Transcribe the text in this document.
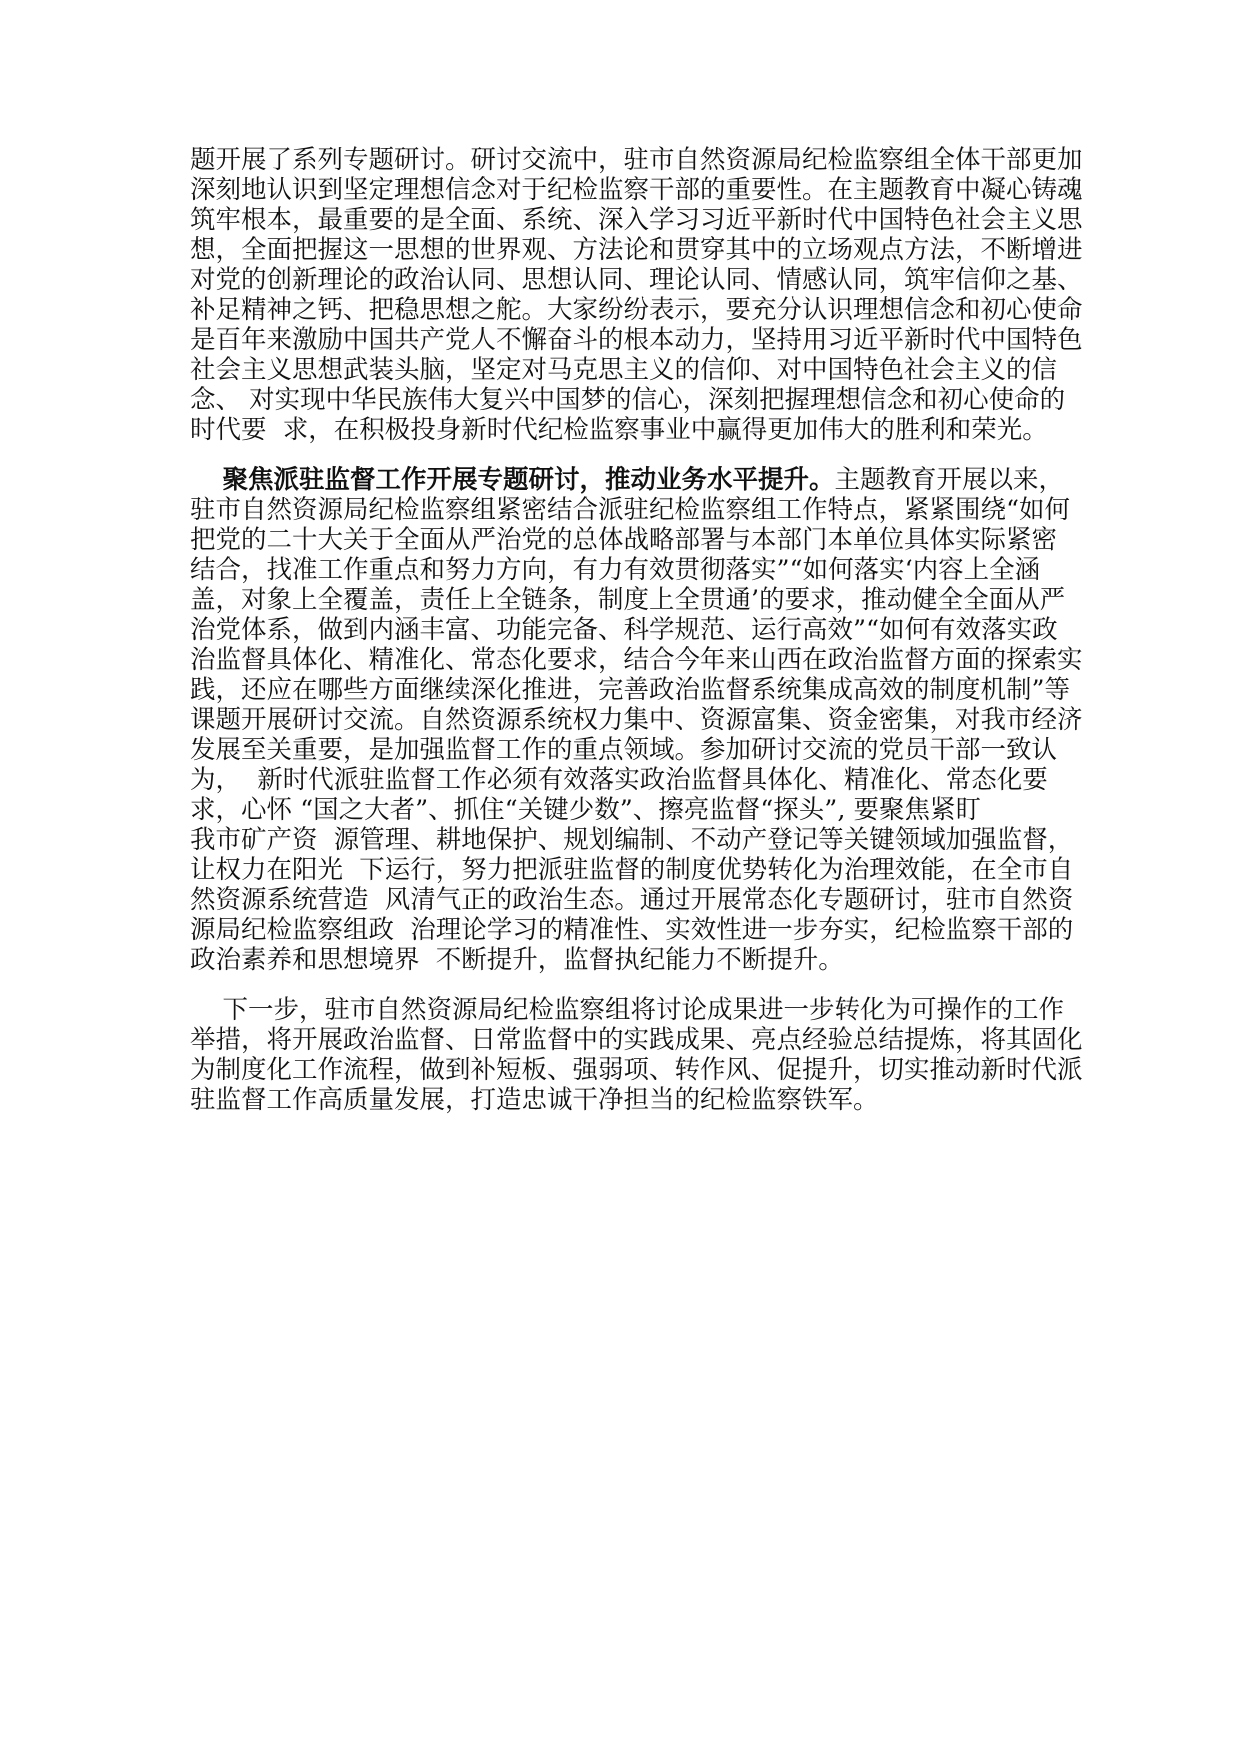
题开展了系列专题研讨。研讨交流中，驻市自然资源局纪检监察组全体干部更加
深刻地认识到坚定理想信念对于纪检监察干部的重要性。在主题教育中凝心铸魂
筑牢根本，最重要的是全面、系统、深入学习习近平新时代中国特色社会主义思
想，全面把握这一思想的世界观、方法论和贯穿其中的立场观点方法，不断增进
对党的创新理论的政治认同、思想认同、理论认同、情感认同，筑牢信仰之基、
补足精神之钙、把稳思想之舵。大家纷纷表示，要充分认识理想信念和初心使命
是百年来激励中国共产党人不懈奋斗的根本动力，坚持用习近平新时代中国特色
社会主义思想武装头脑，坚定对马克思主义的信仰、对中国特色社会主义的信
念、 对实现中华民族伟大复兴中国梦的信心，深刻把握理想信念和初心使命的
时代要  求，在积极投身新时代纪检监察事业中赢得更加伟大的胜利和荣光。

聚焦派驻监督工作开展专题研讨，推动业务水平提升。主题教育开展以来，
驻市自然资源局纪检监察组紧密结合派驻纪检监察组工作特点，紧紧围绕“如何
把党的二十大关于全面从严治党的总体战略部署与本部门本单位具体实际紧密
结合，找准工作重点和努力方向，有力有效贯彻落实”“如何落实‘内容上全涵
盖，对象上全覆盖，责任上全链条，制度上全贯通’的要求，推动健全全面从严
治党体系，做到内涵丰富、功能完备、科学规范、运行高效”“如何有效落实政
治监督具体化、精准化、常态化要求，结合今年来山西在政治监督方面的探索实
践，还应在哪些方面继续深化推进，完善政治监督系统集成高效的制度机制”等
课题开展研讨交流。自然资源系统权力集中、资源富集、资金密集，对我市经济
发展至关重要，是加强监督工作的重点领域。参加研讨交流的党员干部一致认
为，  新时代派驻监督工作必须有效落实政治监督具体化、精准化、常态化要
求，心怀 “国之大者”、抓住“关键少数”、擦亮监督“探头”, 要聚焦紧盯
我市矿产资  源管理、耕地保护、规划编制、不动产登记等关键领域加强监督，
让权力在阳光  下运行，努力把派驻监督的制度优势转化为治理效能，在全市自
然资源系统营造  风清气正的政治生态。通过开展常态化专题研讨，驻市自然资
源局纪检监察组政  治理论学习的精准性、实效性进一步夯实，纪检监察干部的
政治素养和思想境界  不断提升，监督执纪能力不断提升。

下一步，驻市自然资源局纪检监察组将讨论成果进一步转化为可操作的工作
举措，将开展政治监督、日常监督中的实践成果、亮点经验总结提炼，将其固化
为制度化工作流程，做到补短板、强弱项、转作风、促提升，切实推动新时代派
驻监督工作高质量发展，打造忠诚干净担当的纪检监察铁军。
